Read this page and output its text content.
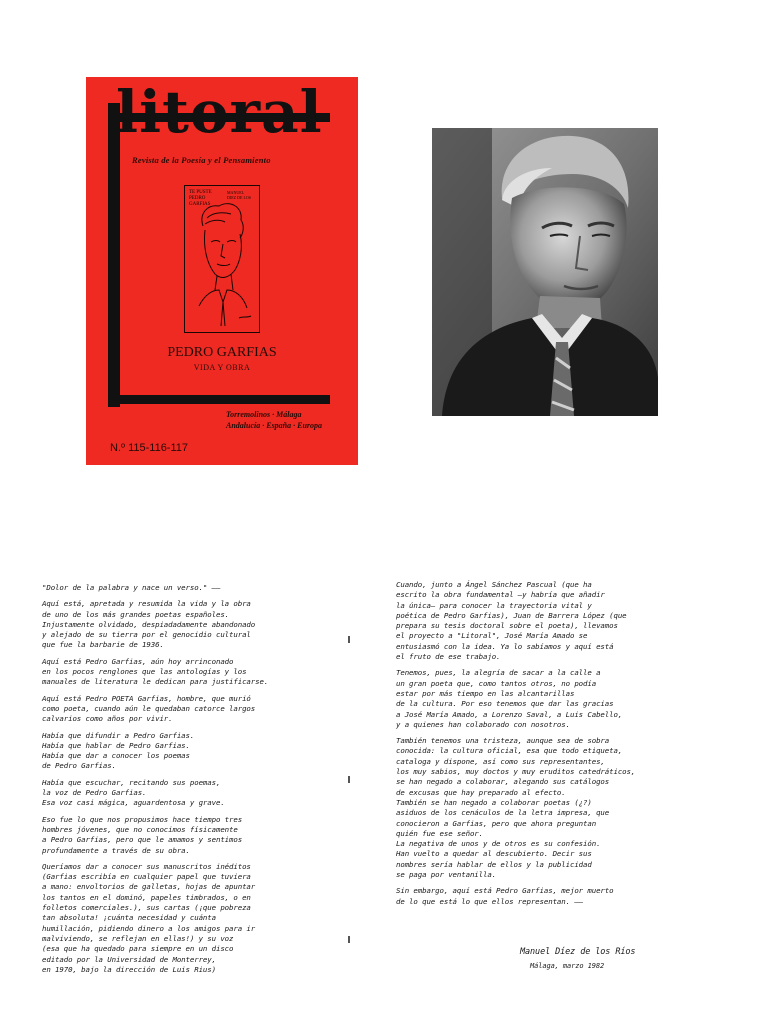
litoral
Revista de la Poesía y el Pensamiento
TE PUSTE
PEDRO
GARFIAS
MANUEL
DIEZ DE LOS
PEDRO GARFIAS
VIDA Y OBRA
Torremolinos · Málaga
Andalucía · España · Europa
N.º 115-116-117
"Dolor de la palabra y nace un verso." ——
Aquí está, apretada y resumida la vida y la obra
de uno de los más grandes poetas españoles.
Injustamente olvidado, despiadadamente abandonado
y alejado de su tierra por el genocidio cultural
que fue la barbarie de 1936.
Aquí está Pedro Garfias, aún hoy arrinconado
en los pocos renglones que las antologías y los
manuales de literatura le dedican para justificarse.
Aquí está Pedro POETA Garfias, hombre, que murió
como poeta, cuando aún le quedaban catorce largos
calvarios como años por vivir.
Había que difundir a Pedro Garfias.
Había que hablar de Pedro Garfias.
Había que dar a conocer los poemas
de Pedro Garfias.
Había que escuchar, recitando sus poemas,
la voz de Pedro Garfias.
Esa voz casi mágica, aguardentosa y grave.
Eso fue lo que nos propusimos hace tiempo tres
hombres jóvenes, que no conocimos físicamente
a Pedro Garfias, pero que le amamos y sentimos
profundamente a través de su obra.
Queríamos dar a conocer sus manuscritos inéditos
(Garfias escribía en cualquier papel que tuviera
a mano: envoltorios de galletas, hojas de apuntar
los tantos en el dominó, papeles timbrados, o en
folletos comerciales.), sus cartas (¡que pobreza
tan absoluta! ¡cuánta necesidad y cuánta
humillación, pidiendo dinero a los amigos para ir
malviviendo, se reflejan en ellas!) y su voz
(esa que ha quedado para siempre en un disco
editado por la Universidad de Monterrey,
en 1970, bajo la dirección de Luis Rius)
Cuando, junto a Ángel Sánchez Pascual (que ha
escrito la obra fundamental —y habría que añadir
la única— para conocer la trayectoria vital y
poética de Pedro Garfias), Juan de Barrera López (que
prepara su tesis doctoral sobre el poeta), llevamos
el proyecto a "Litoral", José María Amado se
entusiasmó con la idea. Ya lo sabíamos y aquí está
el fruto de ese trabajo.
Tenemos, pues, la alegría de sacar a la calle a
un gran poeta que, como tantos otros, no podía
estar por más tiempo en las alcantarillas
de la cultura. Por eso tenemos que dar las gracias
a José María Amado, a Lorenzo Saval, a Luis Cabello,
y a quienes han colaborado con nosotros.
También tenemos una tristeza, aunque sea de sobra
conocida: la cultura oficial, esa que todo etiqueta,
cataloga y dispone, así como sus representantes,
los muy sabios, muy doctos y muy eruditos catedráticos,
se han negado a colaborar, alegando sus catálogos
de excusas que hay preparado al efecto.
También se han negado a colaborar poetas (¿?)
asiduos de los cenáculos de la letra impresa, que
conocieron a Garfias, pero que ahora preguntan
quién fue ese señor.
La negativa de unos y de otros es su confesión.
Han vuelto a quedar al descubierto. Decir sus
nombres sería hablar de ellos y la publicidad
se paga por ventanilla.
Sin embargo, aquí está Pedro Garfias, mejor muerto
de lo que está lo que ellos representan. ——
Manuel Díez de los Ríos
Málaga, marzo 1982
